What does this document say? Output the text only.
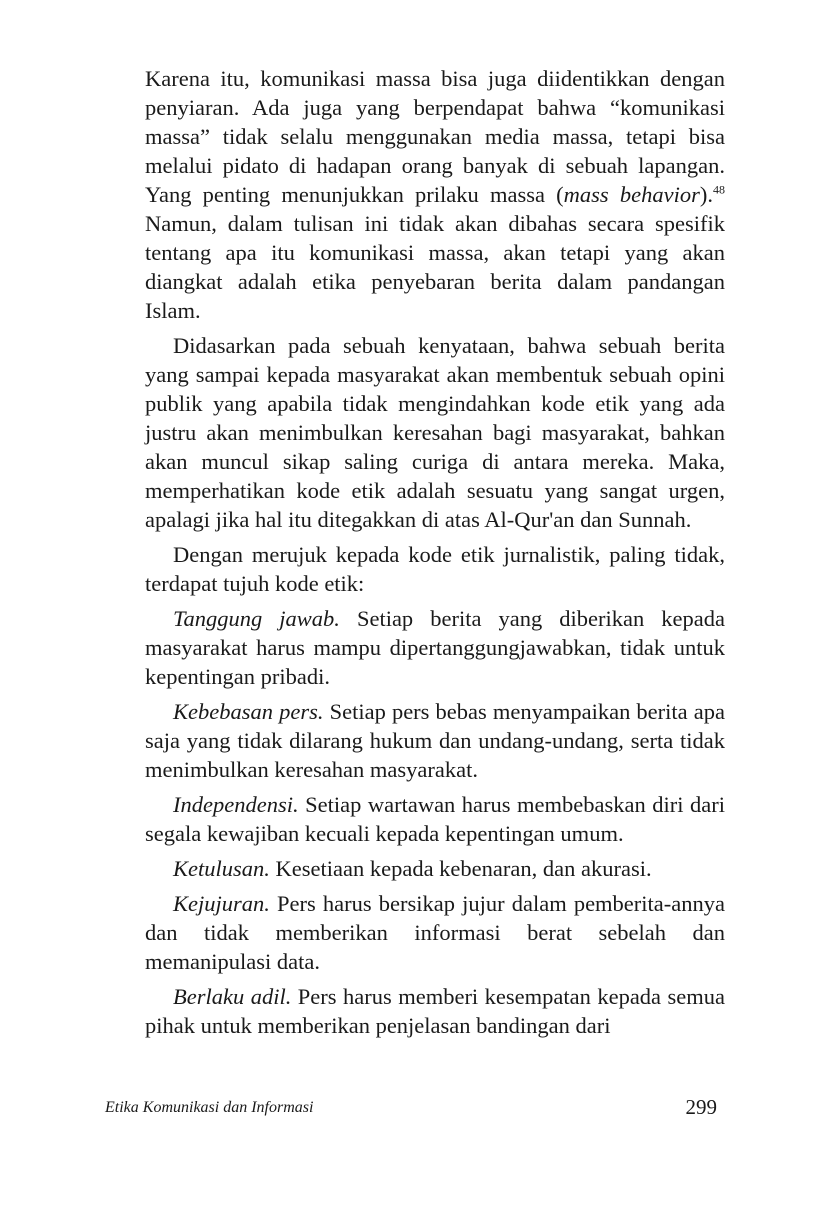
Karena itu, komunikasi massa bisa juga diidentikkan dengan penyiaran. Ada juga yang berpendapat bahwa “komunikasi massa” tidak selalu menggunakan media massa, tetapi bisa melalui pidato di hadapan orang banyak di sebuah lapangan. Yang penting menunjukkan prilaku massa (mass behavior).$^{48}$ Namun, dalam tulisan ini tidak akan dibahas secara spesifik tentang apa itu komunikasi massa, akan tetapi yang akan diangkat adalah etika penyebaran berita dalam pandangan Islam.

Didasarkan pada sebuah kenyataan, bahwa sebuah berita yang sampai kepada masyarakat akan membentuk sebuah opini publik yang apabila tidak mengindahkan kode etik yang ada justru akan menimbulkan keresahan bagi masyarakat, bahkan akan muncul sikap saling curiga di antara mereka. Maka, memperhatikan kode etik adalah sesuatu yang sangat urgen, apalagi jika hal itu ditegakkan di atas Al-Qur'an dan Sunnah.

Dengan merujuk kepada kode etik jurnalistik, paling tidak, terdapat tujuh kode etik:

Tanggung jawab. Setiap berita yang diberikan kepada masyarakat harus mampu dipertanggungjawabkan, tidak untuk kepentingan pribadi.

Kebebasan pers. Setiap pers bebas menyampaikan berita apa saja yang tidak dilarang hukum dan undang-undang, serta tidak menimbulkan keresahan masyarakat.

Independensi. Setiap wartawan harus membebaskan diri dari segala kewajiban kecuali kepada kepentingan umum.

Ketulusan. Kesetiaan kepada kebenaran, dan akurasi.

Kejujuran. Pers harus bersikap jujur dalam pemberita-annya dan tidak memberikan informasi berat sebelah dan memanipulasi data.

Berlaku adil. Pers harus memberi kesempatan kepada semua pihak untuk memberikan penjelasan bandingan dari

Etika Komunikasi dan Informasi	299
